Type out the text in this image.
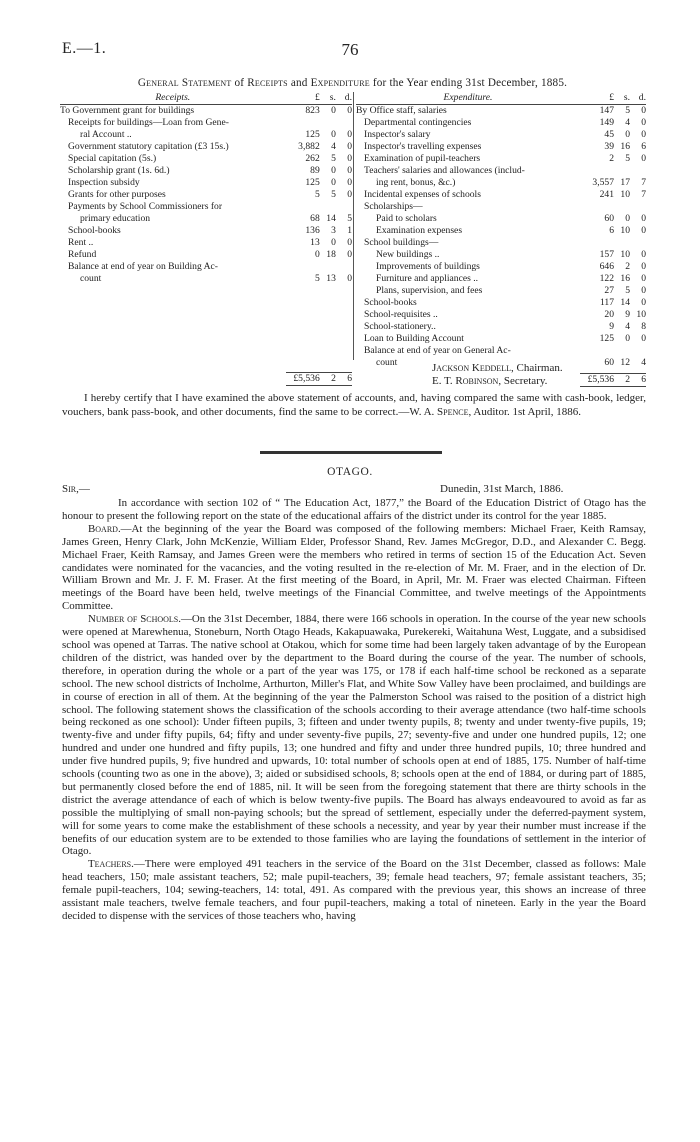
E.—1.	76
General Statement of Receipts and Expenditure for the Year ending 31st December, 1885.
Receipts.	£	s.	d.
To Government grant for buildings	823	0	0
Receipts for buildings—Loan from Gene-			
ral Account ..	125	0	0
Government statutory capitation (£3 15s.)	3,882	4	0
Special capitation (5s.)	262	5	0
Scholarship grant (1s. 6d.)	89	0	0
Inspection subsidy	125	0	0
Grants for other purposes	5	5	0
Payments by School Commissioners for			
primary education	68	14	5
School-books	136	3	1
Rent ..	13	0	0
Refund	0	18	0
Balance at end of year on Building Ac-			
count	5	13	0

	£5,536	2	6
Expenditure.	£	s.	d.
By Office staff, salaries	147	5	0
Departmental contingencies	149	4	0
Inspector's salary	45	0	0
Inspector's travelling expenses	39	16	6
Examination of pupil-teachers	2	5	0
Teachers' salaries and allowances (includ-			
ing rent, bonus, &c.)	3,557	17	7
Incidental expenses of schools	241	10	7
Scholarships—			
Paid to scholars	60	0	0
Examination expenses	6	10	0
School buildings—			
New buildings ..	157	10	0
Improvements of buildings	646	2	0
Furniture and appliances ..	122	16	0
Plans, supervision, and fees	27	5	0
School-books	117	14	0
School-requisites ..	20	9	10
School-stationery..	9	4	8
Loan to Building Account	125	0	0
Balance at end of year on General Ac-			
count	60	12	4

	£5,536	2	6
Jackson Keddell, Chairman.
E. T. Robinson, Secretary.
  I hereby certify that I have examined the above statement of accounts, and, having compared the same with cash-book, ledger, vouchers, bank pass-book, and other documents, find the same to be correct.—W. A. Spence, Auditor. 1st April, 1886.
OTAGO.
Sir,—	Dunedin, 31st March, 1886.

In accordance with section 102 of “ The Education Act, 1877,” the Board of the Education District of Otago has the honour to present the following report on the state of the educational affairs of the district under its control for the year 1885.

Board.—At the beginning of the year the Board was composed of the following members: Michael Fraer, Keith Ramsay, James Green, Henry Clark, John McKenzie, William Elder, Professor Shand, Rev. James McGregor, D.D., and Alexander C. Begg. Michael Fraer, Keith Ramsay, and James Green were the members who retired in terms of section 15 of the Education Act. Seven candidates were nominated for the vacancies, and the voting resulted in the re-election of Mr. M. Fraer, and in the election of Dr. William Brown and Mr. J. F. M. Fraser. At the first meeting of the Board, in April, Mr. M. Fraer was elected Chairman. Fifteen meetings of the Board have been held, twelve meetings of the Financial Committee, and twelve meetings of the Appointments Committee.

Number of Schools.—On the 31st December, 1884, there were 166 schools in operation. In the course of the year new schools were opened at Marewhenua, Stoneburn, North Otago Heads, Kakapuawaka, Purekereki, Waitahuna West, Luggate, and a subsidised school was opened at Tarras. The native school at Otakou, which for some time had been largely taken advantage of by the European children of the district, was handed over by the department to the Board during the course of the year. The number of schools, therefore, in operation during the whole or a part of the year was 175, or 178 if each half-time school be reckoned as a separate school. The new school districts of Incholme, Arthurton, Miller's Flat, and White Sow Valley have been proclaimed, and buildings are in course of erection in all of them. At the beginning of the year the Palmerston School was raised to the position of a district high school. The following statement shows the classification of the schools according to their average attendance (two half-time schools being reckoned as one school): Under fifteen pupils, 3; fifteen and under twenty pupils, 8; twenty and under twenty-five pupils, 19; twenty-five and under fifty pupils, 64; fifty and under seventy-five pupils, 27; seventy-five and under one hundred pupils, 12; one hundred and under one hundred and fifty pupils, 13; one hundred and fifty and under three hundred pupils, 10; three hundred and under five hundred pupils, 9; five hundred and upwards, 10: total number of schools open at end of 1885, 175. Number of half-time schools (counting two as one in the above), 3; aided or subsidised schools, 8; schools open at the end of 1884, or during part of 1885, but permanently closed before the end of 1885, nil. It will be seen from the foregoing statement that there are thirty schools in the district the average attendance of each of which is below twenty-five pupils. The Board has always endeavoured to avoid as far as possible the multiplying of small non-paying schools; but the spread of settlement, especially under the deferred-payment system, will for some years to come make the establishment of these schools a necessity, and year by year their number must increase if the benefits of our education system are to be extended to those families who are laying the foundations of settlement in the interior of Otago.

Teachers.—There were employed 491 teachers in the service of the Board on the 31st December, classed as follows: Male head teachers, 150; male assistant teachers, 52; male pupil-teachers, 39; female head teachers, 97; female assistant teachers, 35; female pupil-teachers, 104; sewing-teachers, 14: total, 491. As compared with the previous year, this shows an increase of three assistant male teachers, twelve female teachers, and four pupil-teachers, making a total of nineteen. Early in the year the Board decided to dispense with the services of those teachers who, having
